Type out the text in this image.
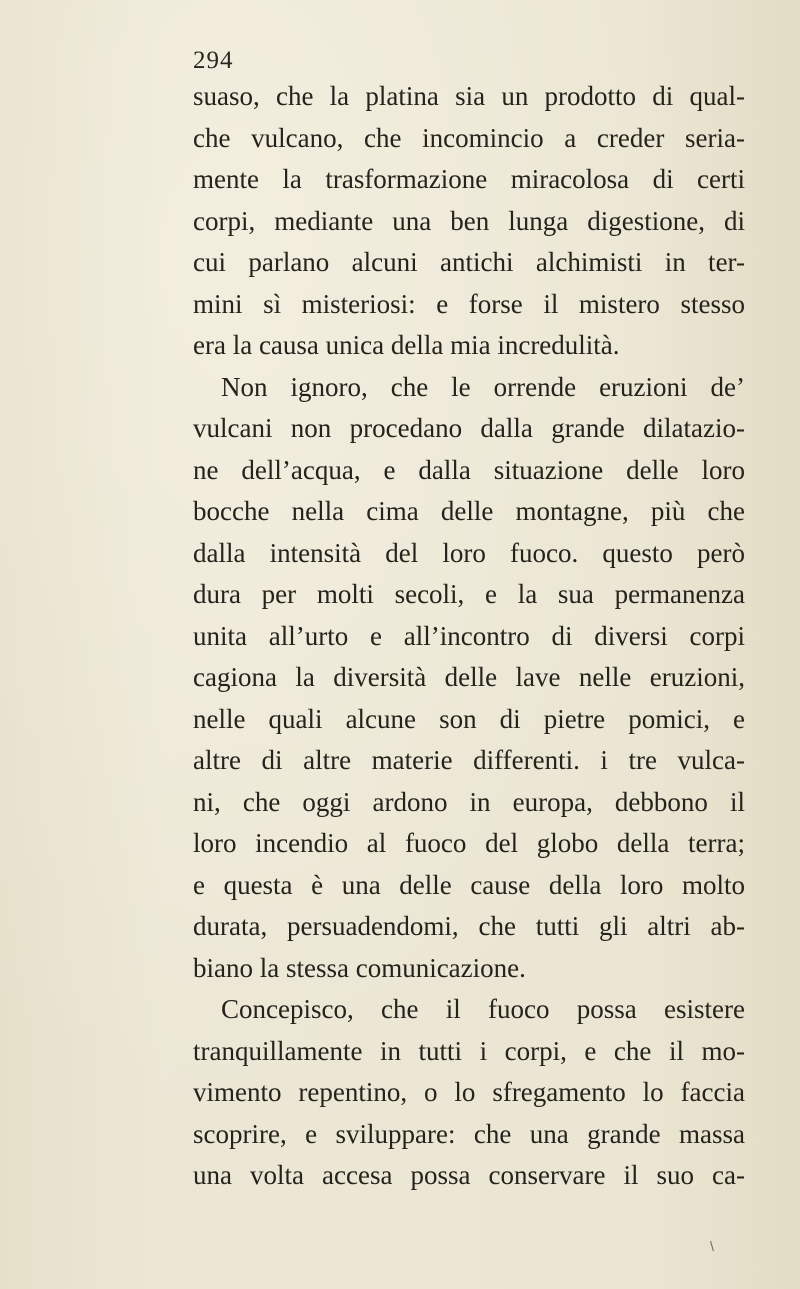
294
suaso, che la platina sia un prodotto di qual-
che vulcano, che incomincio a creder seria-
mente la trasformazione miracolosa di certi
corpi, mediante una ben lunga digestione, di
cui parlano alcuni antichi alchimisti in ter-
mini sì misteriosi: e forse il mistero stesso
era la causa unica della mia incredulità.
Non ignoro, che le orrende eruzioni de’
vulcani non procedano dalla grande dilatazio-
ne dell’acqua, e dalla situazione delle loro
bocche nella cima delle montagne, più che
dalla intensità del loro fuoco. questo però
dura per molti secoli, e la sua permanenza
unita all’urto e all’incontro di diversi corpi
cagiona la diversità delle lave nelle eruzioni,
nelle quali alcune son di pietre pomici, e
altre di altre materie differenti. i tre vulca-
ni, che oggi ardono in europa, debbono il
loro incendio al fuoco del globo della terra;
e questa è una delle cause della loro molto
durata, persuadendomi, che tutti gli altri ab-
biano la stessa comunicazione.
Concepisco, che il fuoco possa esistere
tranquillamente in tutti i corpi, e che il mo-
vimento repentino, o lo sfregamento lo faccia
scoprire, e sviluppare: che una grande massa
una volta accesa possa conservare il suo ca-
\
